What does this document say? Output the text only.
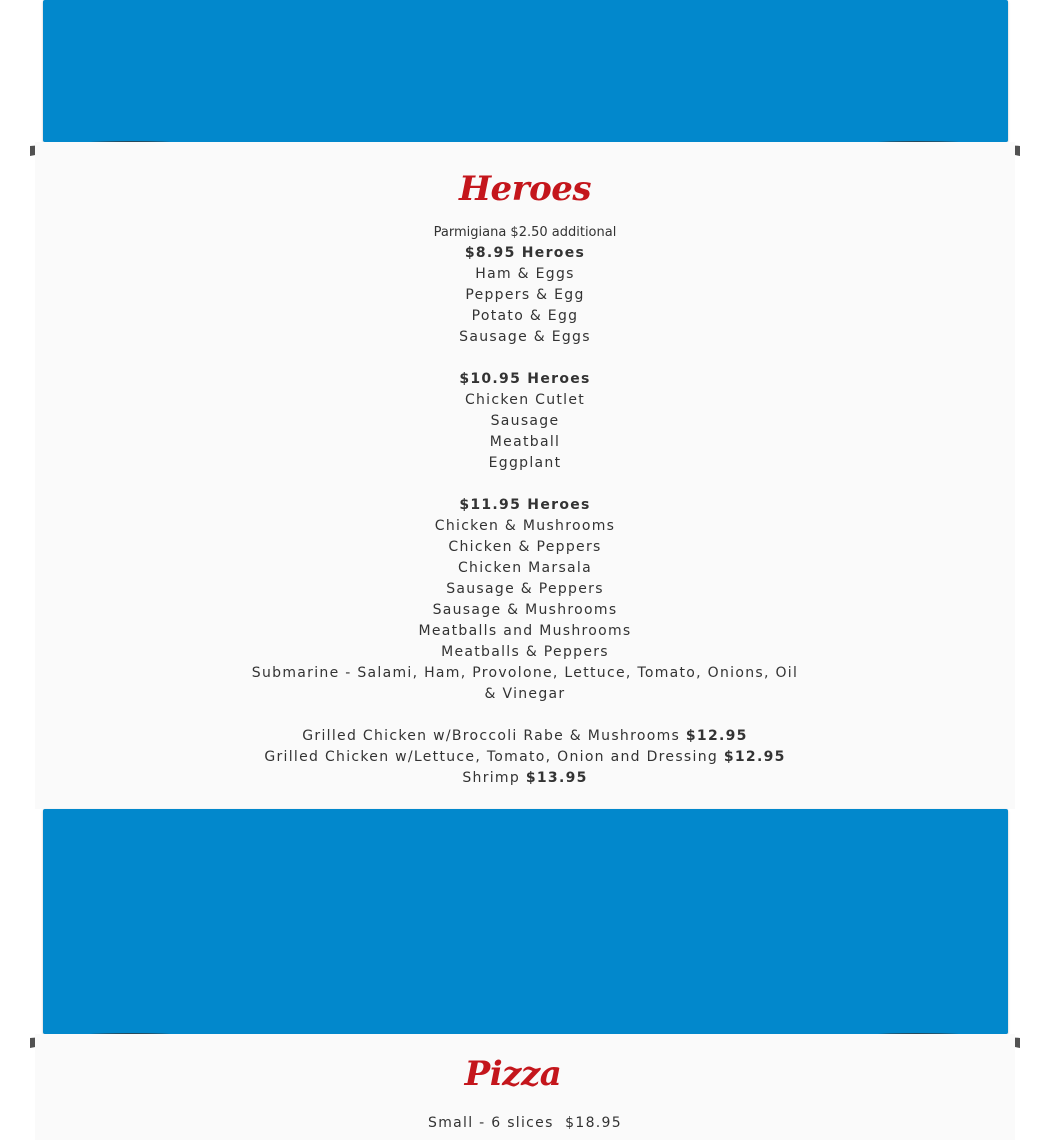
Heroes
Parmigiana $2.50 additional
$8.95 Heroes
Ham & Eggs
Peppers & Egg
Potato & Egg
Sausage & Eggs
$10.95 Heroes
Chicken Cutlet
Sausage
Meatball
Eggplant
$11.95 Heroes
Chicken & Mushrooms
Chicken & Peppers
Chicken Marsala
Sausage & Peppers
Sausage & Mushrooms
Meatballs and Mushrooms
Meatballs & Peppers
Submarine - Salami, Ham, Provolone, Lettuce, Tomato, Onions, Oil & Vinegar
Grilled Chicken w/Broccoli Rabe & Mushrooms $12.95
Grilled Chicken w/Lettuce, Tomato, Onion and Dressing $12.95
Shrimp $13.95
Pizza
Small - 6 slices  $18.95
